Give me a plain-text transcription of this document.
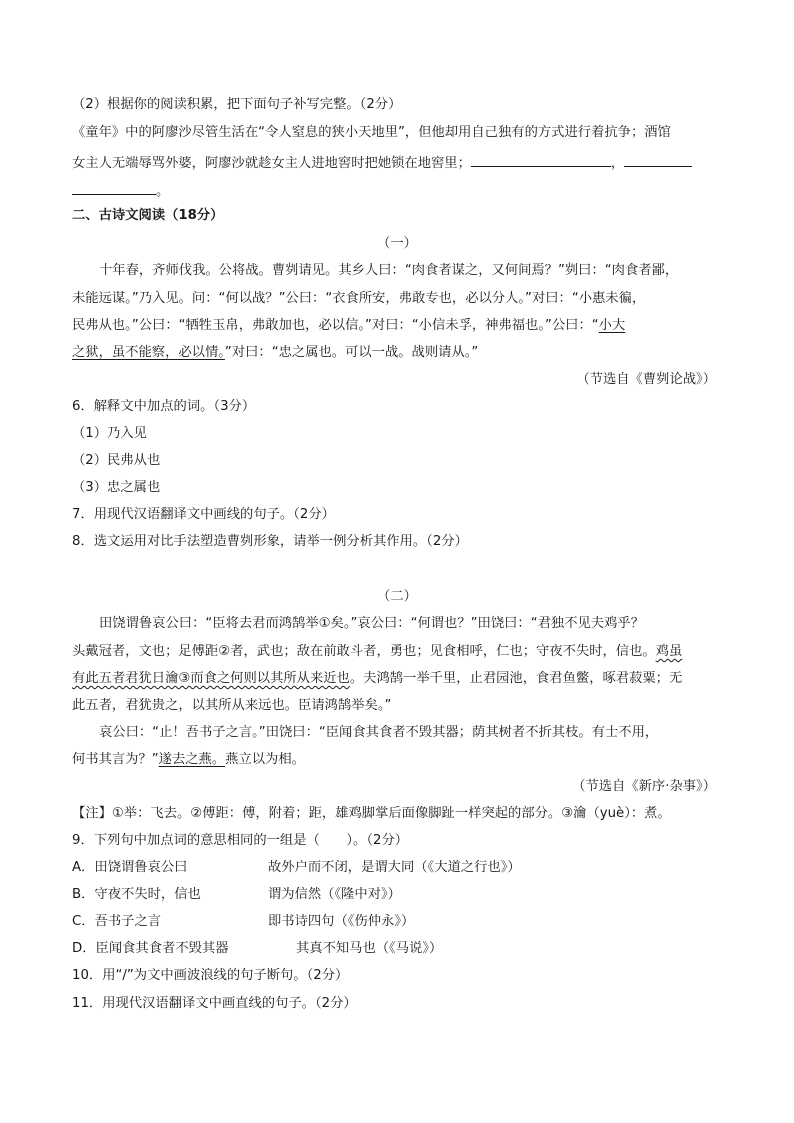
（2）根据你的阅读积累，把下面句子补写完整。（2分）
《童年》中的阿廖沙尽管生活在“令人窒息的狭小天地里”，但他却用自己独有的方式进行着抗争；酒馆
女主人无端辱骂外婆，阿廖沙就趁女主人进地窖时把她锁在地窖里；	，
。
二、古诗文阅读（18分）
（一）
十年春，齐师伐我。公将战。曹刿请见。其乡人曰：“肉食者谋之，又何间焉？”刿曰：“肉食者鄙，
未能远谋。”乃入见。问：“何以战？”公曰：“衣食所安，弗敢专也，必以分人。”对曰：“小惠未徧，
民弗从也。”公曰：“牺牲玉帛，弗敢加也，必以信。”对曰：“小信未孚，神弗福也。”公曰：“小大
之狱，虽不能察，必以情。”对曰：“忠之属也。可以一战。战则请从。”
（节选自《曹刿论战》）
6．解释文中加点的词。（3分）
（1）乃入见
（2）民弗从也
（3）忠之属也
7．用现代汉语翻译文中画线的句子。（2分）
8．选文运用对比手法塑造曹刿形象，请举一例分析其作用。（2分）
（二）
田饶谓鲁哀公曰：“臣将去君而鸿鹄举①矣。”哀公曰：“何谓也？”田饶曰：“君独不见夫鸡乎？
头戴冠者，文也；足傅距②者，武也；敌在前敢斗者，勇也；见食相呼，仁也；守夜不失时，信也。鸡虽
有此五者君犹日瀹③而食之何则以其所从来近也。夫鸿鹄一举千里，止君园池，食君鱼鳖，啄君菽粟；无
此五者，君犹贵之，以其所从来远也。臣请鸿鹄举矣。”
哀公曰：“止！吾书子之言。”田饶曰：“臣闻食其食者不毁其器；荫其树者不折其枝。有士不用，
何书其言为？”遂去之燕。燕立以为相。
（节选自《新序·杂事》）
【注】①举：飞去。②傅距：傅，附着；距，雄鸡脚掌后面像脚趾一样突起的部分。③瀹（yuè）：煮。
9．下列句中加点词的意思相同的一组是（　　）。（2分）
A．田饶谓鲁哀公曰	故外户而不闭，是谓大同（《大道之行也》）
B．守夜不失时，信也	谓为信然（《隆中对》）
C．吾书子之言	即书诗四句（《伤仲永》）
D．臣闻食其食者不毁其器	其真不知马也（《马说》）
10．用“/”为文中画波浪线的句子断句。（2分）
11．用现代汉语翻译文中画直线的句子。（2分）
